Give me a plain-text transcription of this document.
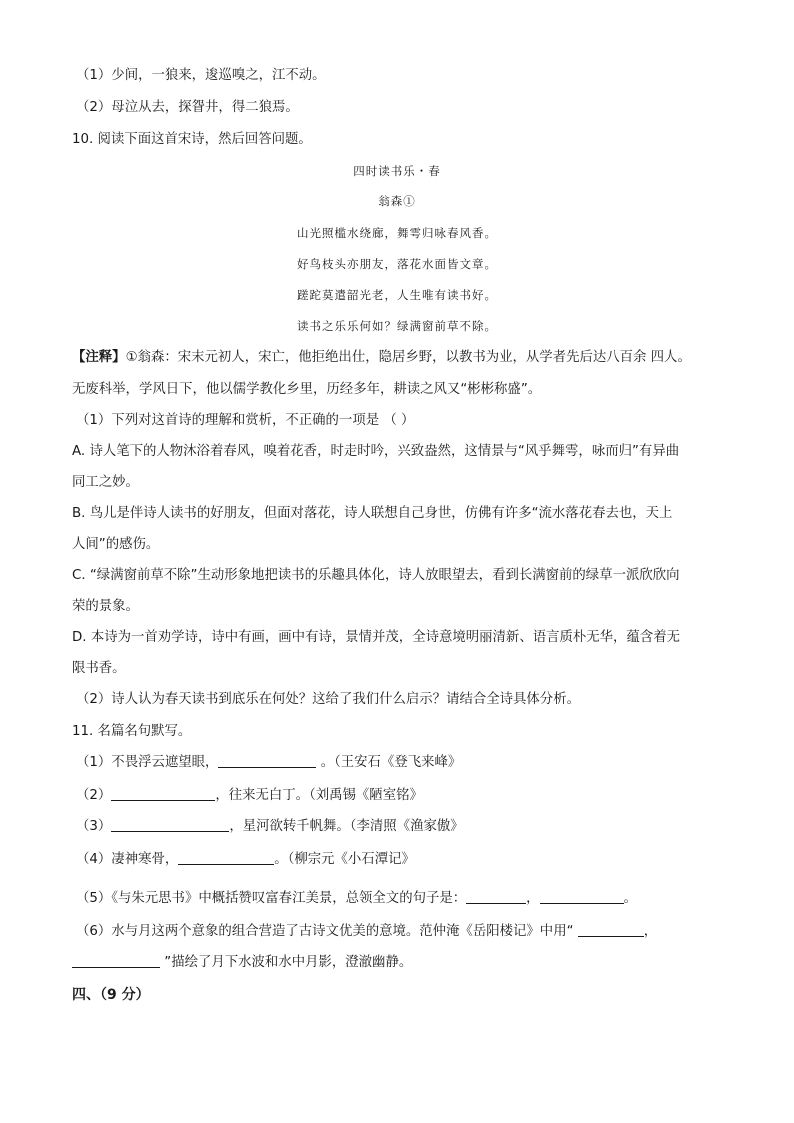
（1）少间，一狼来，逡巡嗅之，江不动。
（2）母泣从去，探眢井，得二狼焉。
10. 阅读下面这首宋诗，然后回答问题。
四时读书乐・春
翁森①
山光照槛水绕廊，舞雩归咏春风香。
好鸟枝头亦朋友，落花水面皆文章。
蹉跎莫遣韶光老，人生唯有读书好。
读书之乐乐何如？绿满窗前草不除。
【注释】①翁森：宋末元初人，宋亡，他拒绝出仕，隐居乡野，以教书为业，从学者先后达八百余 四人。
无废科举，学风日下，他以儒学教化乡里，历经多年，耕读之风又“彬彬称盛”。
（1）下列对这首诗的理解和赏析，不正确的一项是 （ ）
A. 诗人笔下的人物沐浴着春风，嗅着花香，时走时吟，兴致盎然，这情景与“风乎舞雩，咏而归”有异曲
同工之妙。
B. 鸟儿是伴诗人读书的好朋友，但面对落花，诗人联想自己身世，仿佛有许多“流水落花春去也，天上
人间”的感伤。
C. “绿满窗前草不除”生动形象地把读书的乐趣具体化，诗人放眼望去，看到长满窗前的绿草一派欣欣向
荣的景象。
D. 本诗为一首劝学诗，诗中有画，画中有诗，景情并茂，全诗意境明丽清新、语言质朴无华，蕴含着无
限书香。
（2）诗人认为春天读书到底乐在何处？这给了我们什么启示？请结合全诗具体分析。
11. 名篇名句默写。
（1）不畏浮云遮望眼，	。（王安石《登飞来峰》
（2）	，往来无白丁。（刘禹锡《陋室铭》
（3）	，星河欲转千帆舞。（李清照《渔家傲》
（4）凄神寒骨，	。（柳宗元《小石潭记》
（5）《与朱元思书》中概括赞叹富春江美景，总领全文的句子是：	，	。
（6）水与月这两个意象的组合营造了古诗文优美的意境。范仲淹《岳阳楼记》中用“	，
”描绘了月下水波和水中月影，澄澈幽静。
四、（9 分）
